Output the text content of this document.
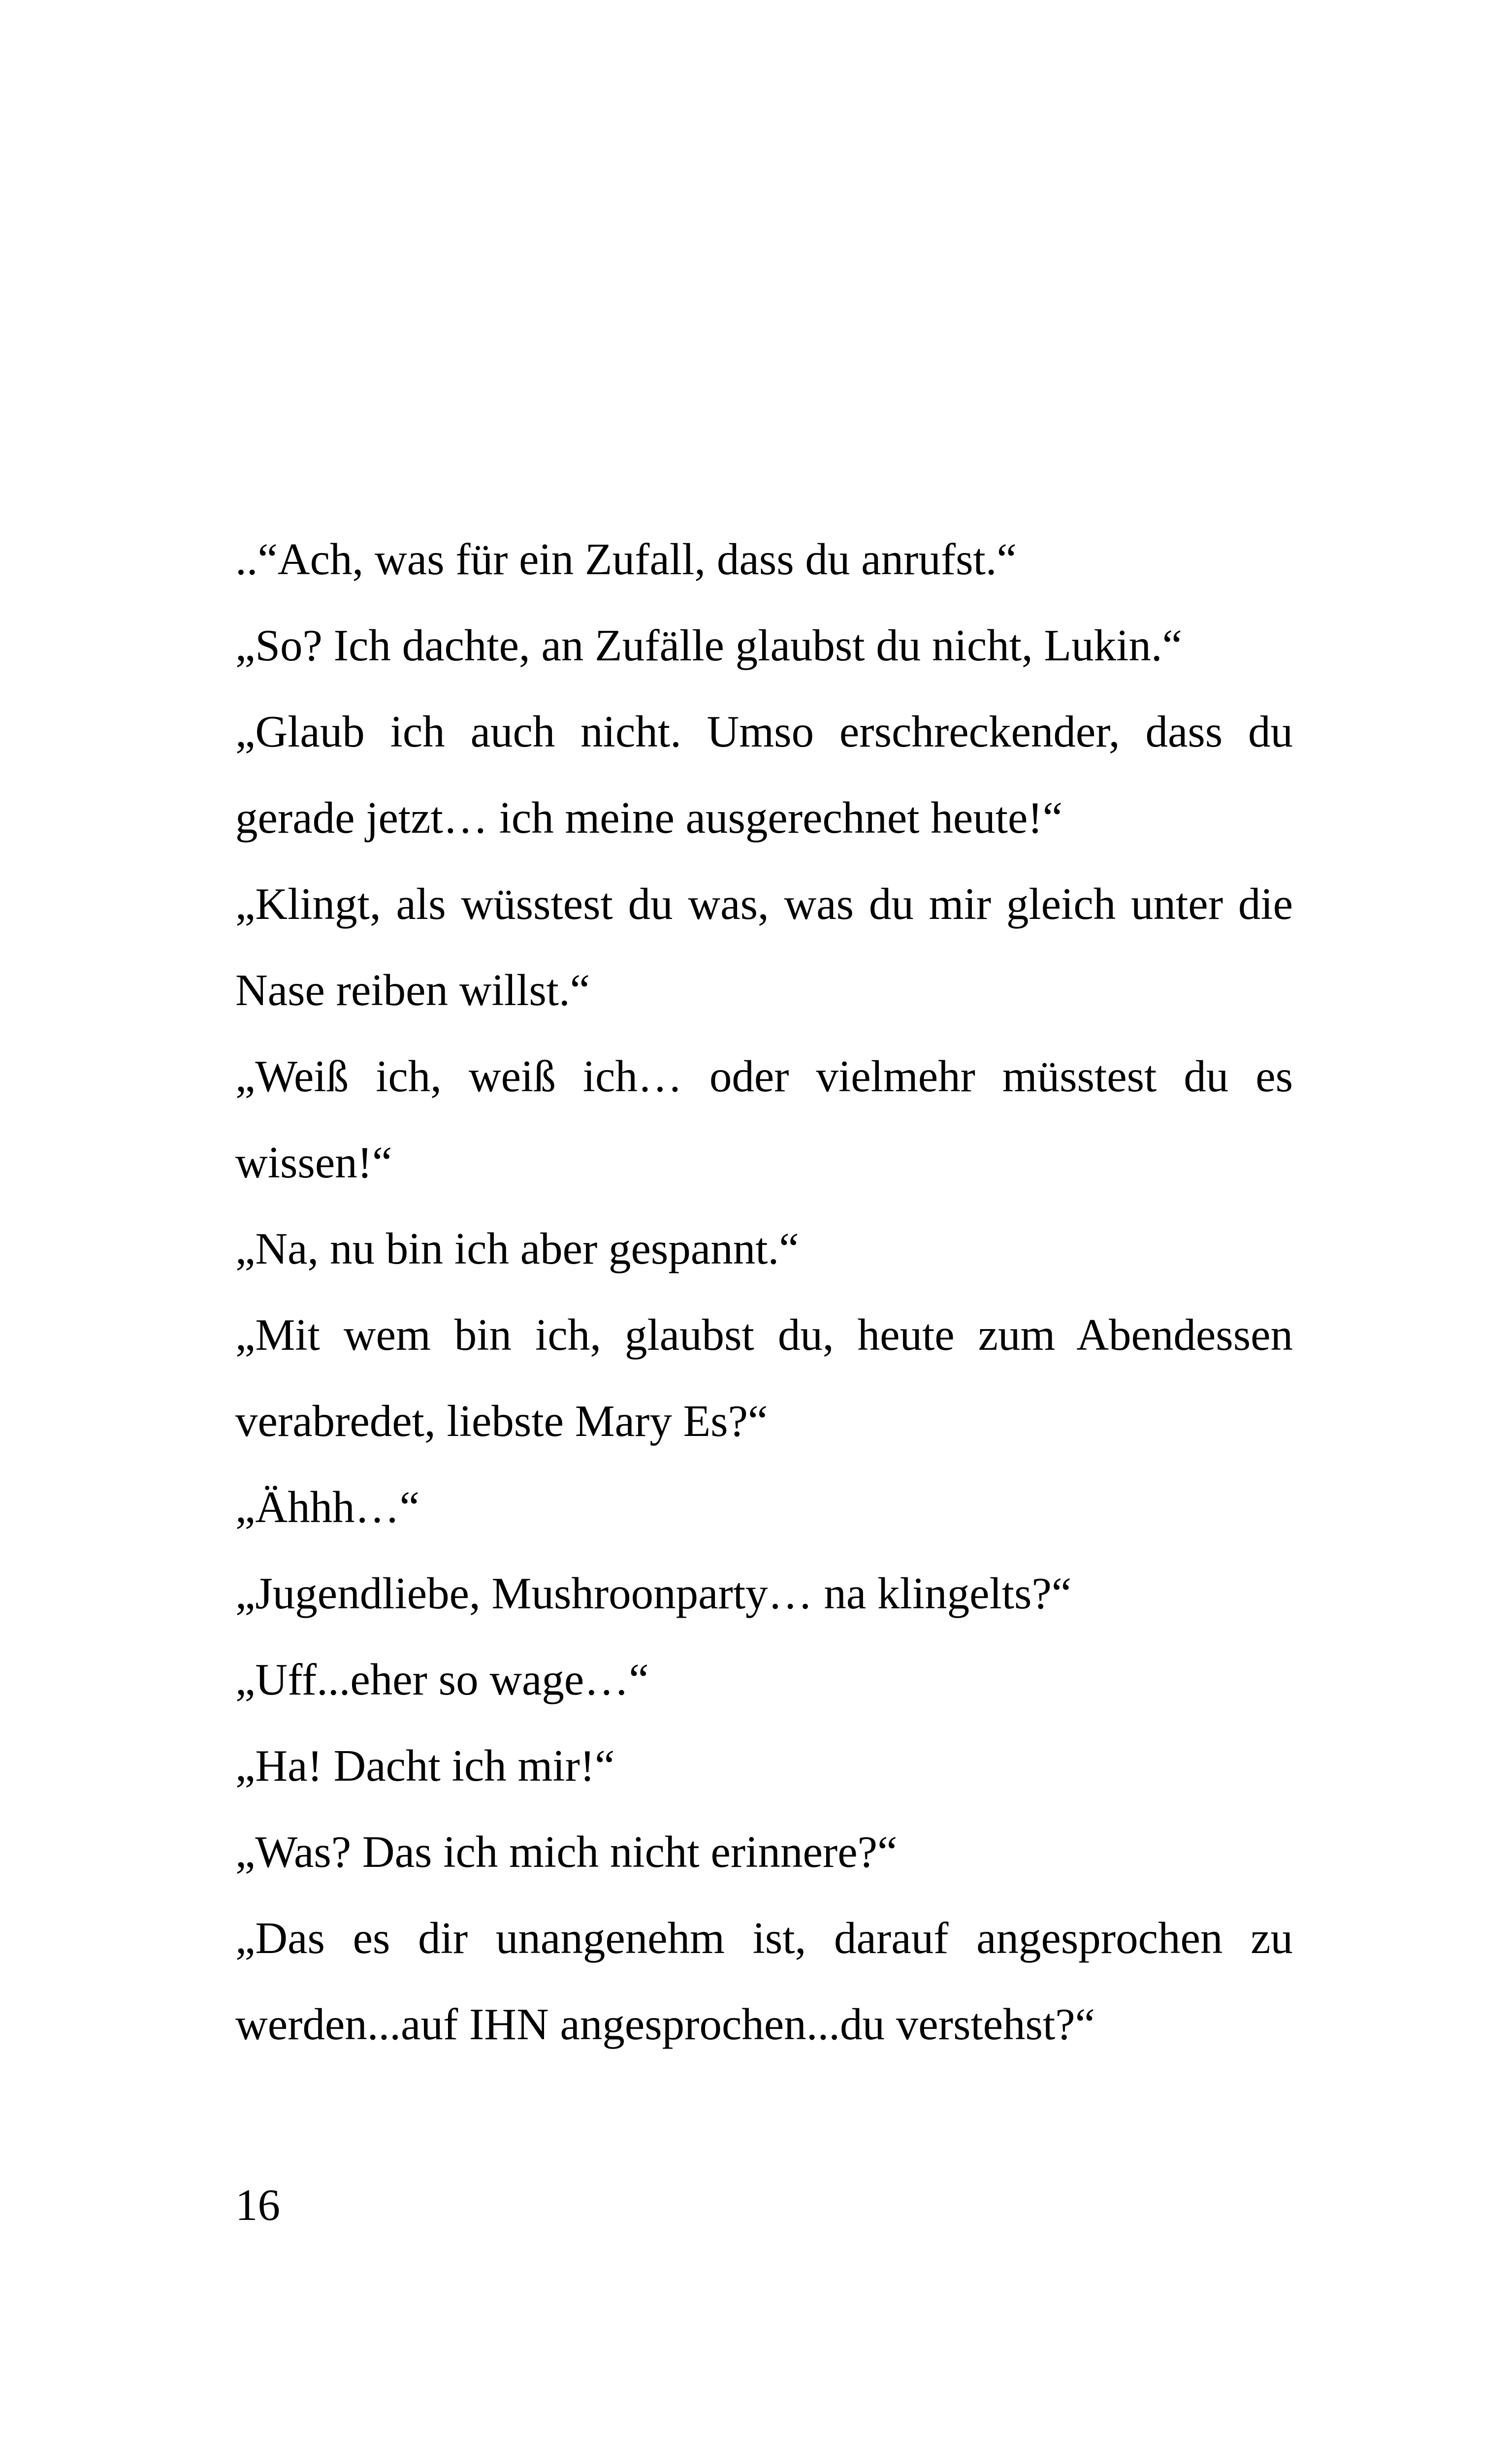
..“Ach, was für ein Zufall, dass du anrufst.“

„So? Ich dachte, an Zufälle glaubst du nicht, Lukin.“

„Glaub ich auch nicht. Umso erschreckender, dass du gerade jetzt… ich meine ausgerechnet heute!“

„Klingt, als wüsstest du was, was du mir gleich unter die Nase reiben willst.“

„Weiß ich, weiß ich… oder vielmehr müsstest du es wissen!“

„Na, nu bin ich aber gespannt.“

„Mit wem bin ich, glaubst du, heute zum Abendessen verabredet, liebste Mary Es?“

„Ähhh…“

„Jugendliebe, Mushroonparty… na klingelts?“

„Uff...eher so wage…“

„Ha! Dacht ich mir!“

„Was? Das ich mich nicht erinnere?“

„Das es dir unangenehm ist, darauf angesprochen zu werden...auf IHN angesprochen...du verstehst?“

16
